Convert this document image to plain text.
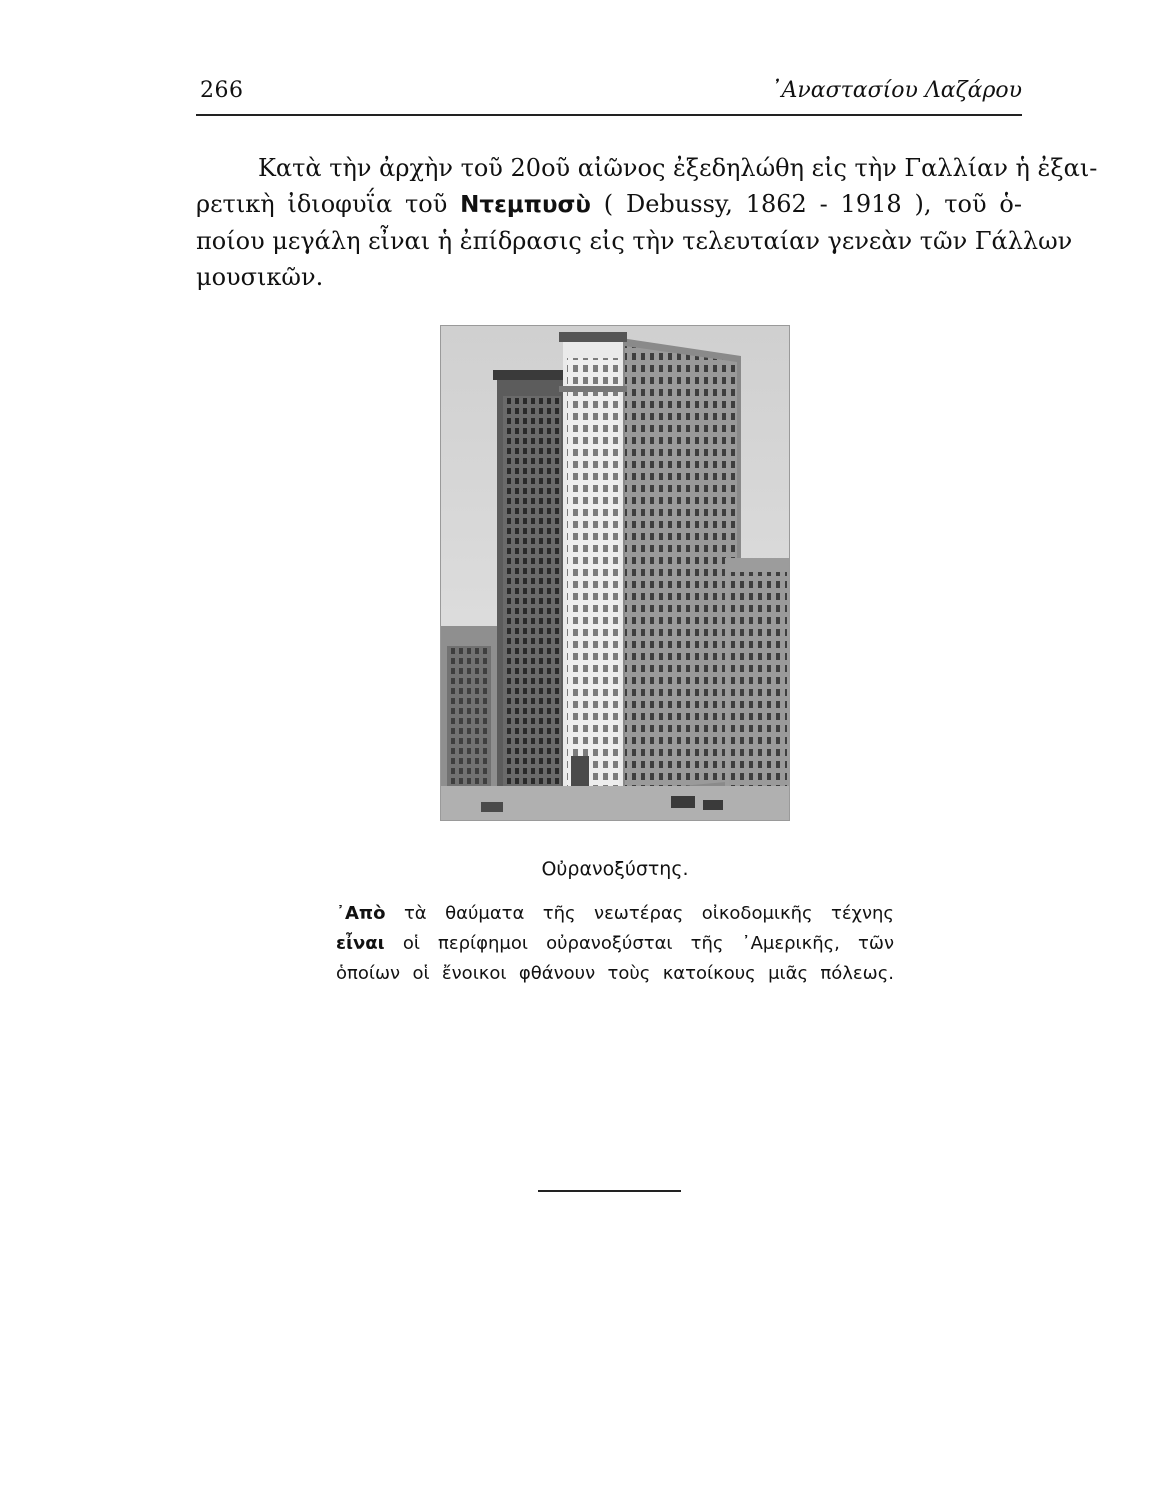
266	᾿Αναστασίου Λαζάρου
Κατὰ τὴν ἀρχὴν τοῦ 20οῦ αἰῶνος ἐξεδηλώθη εἰς τὴν Γαλλίαν ἡ ἐξαι-
ρετικὴ ἰδιοφυΐα τοῦ Ντεμπυσὺ ( Debussy, 1862 - 1918 ), τοῦ ὁ-
ποίου μεγάλη εἶναι ἡ ἐπίδρασις εἰς τὴν τελευταίαν γενεὰν τῶν Γάλλων
μουσικῶν.
Οὐρανοξύστης.
᾿Απὸ τὰ θαύματα τῆς νεωτέρας οἰκοδομικῆς τέχνης
εἶναι οἱ περίφημοι οὐρανοξύσται τῆς ᾿Αμερικῆς, τῶν
ὁποίων οἱ ἔνοικοι φθάνουν τοὺς κατοίκους μιᾶς πόλεως.
